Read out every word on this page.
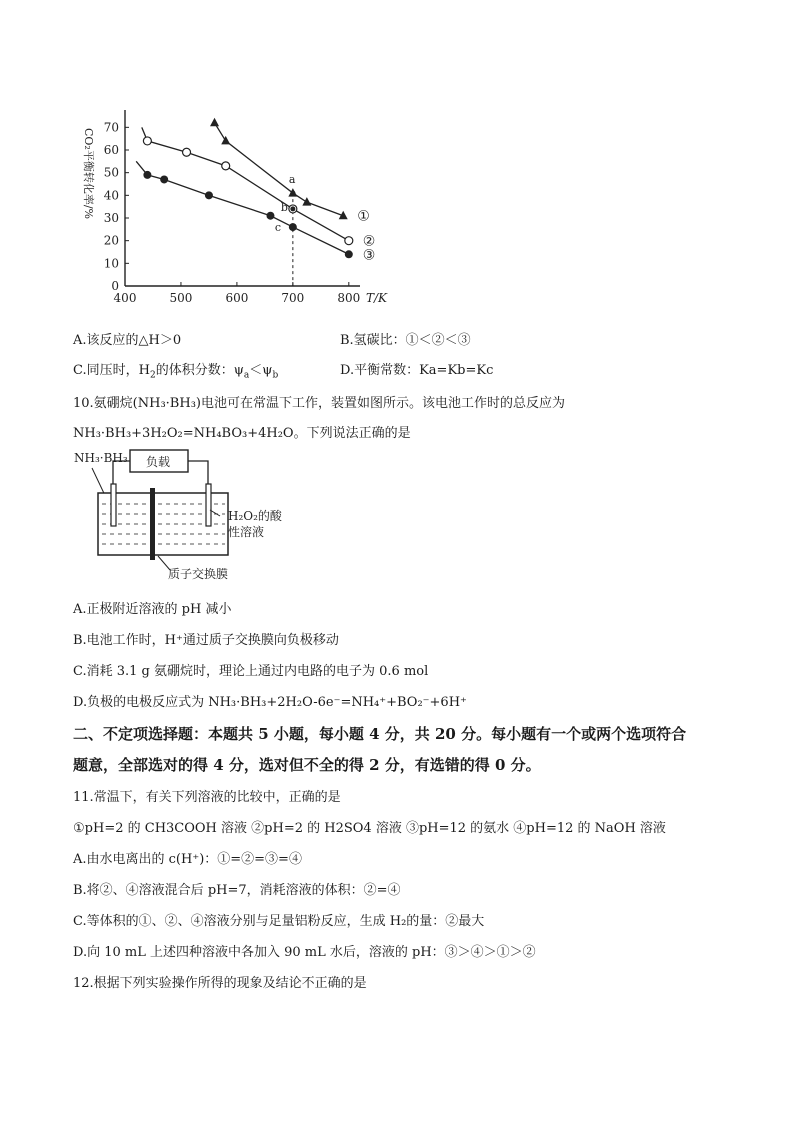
400	500	600	700	800
0
10
20
30
40
50
60
70
T/K
CO₂平衡转化率/%	①
②
③
a
b
c
A.该反应的△H＞0	B.氢碳比：①＜②＜③
C.同压时，$H_2$的体积分数：$\psi_a<\psi_b$	D.平衡常数：Ka=Kb=Kc
10.氨硼烷(NH₃·BH₃)电池可在常温下工作，装置如图所示。该电池工作时的总反应为
NH₃·BH₃+3H₂O₂=NH₄BO₃+4H₂O。下列说法正确的是
NH₃·BH₃ 负载
H₂O₂的酸
性溶液
质子交换膜
A.正极附近溶液的 pH 减小
B.电池工作时，H⁺通过质子交换膜向负极移动
C.消耗 3.1 g 氨硼烷时，理论上通过内电路的电子为 0.6 mol
D.负极的电极反应式为 NH₃·BH₃+2H₂O-6e⁻=NH₄⁺+BO₂⁻+6H⁺
二、不定项选择题：本题共 5 小题，每小题 4 分，共 20 分。每小题有一个或两个选项符合
题意，全部选对的得 4 分，选对但不全的得 2 分，有选错的得 0 分。
11.常温下，有关下列溶液的比较中，正确的是
①pH=2 的 CH3COOH 溶液 ②pH=2 的 H2SO4 溶液 ③pH=12 的氨水 ④pH=12 的 NaOH 溶液
A.由水电离出的 c(H⁺)：①=②=③=④
B.将②、④溶液混合后 pH=7，消耗溶液的体积：②=④
C.等体积的①、②、④溶液分别与足量铝粉反应，生成 H₂的量：②最大
D.向 10 mL 上述四种溶液中各加入 90 mL 水后，溶液的 pH：③＞④＞①＞②
12.根据下列实验操作所得的现象及结论不正确的是
